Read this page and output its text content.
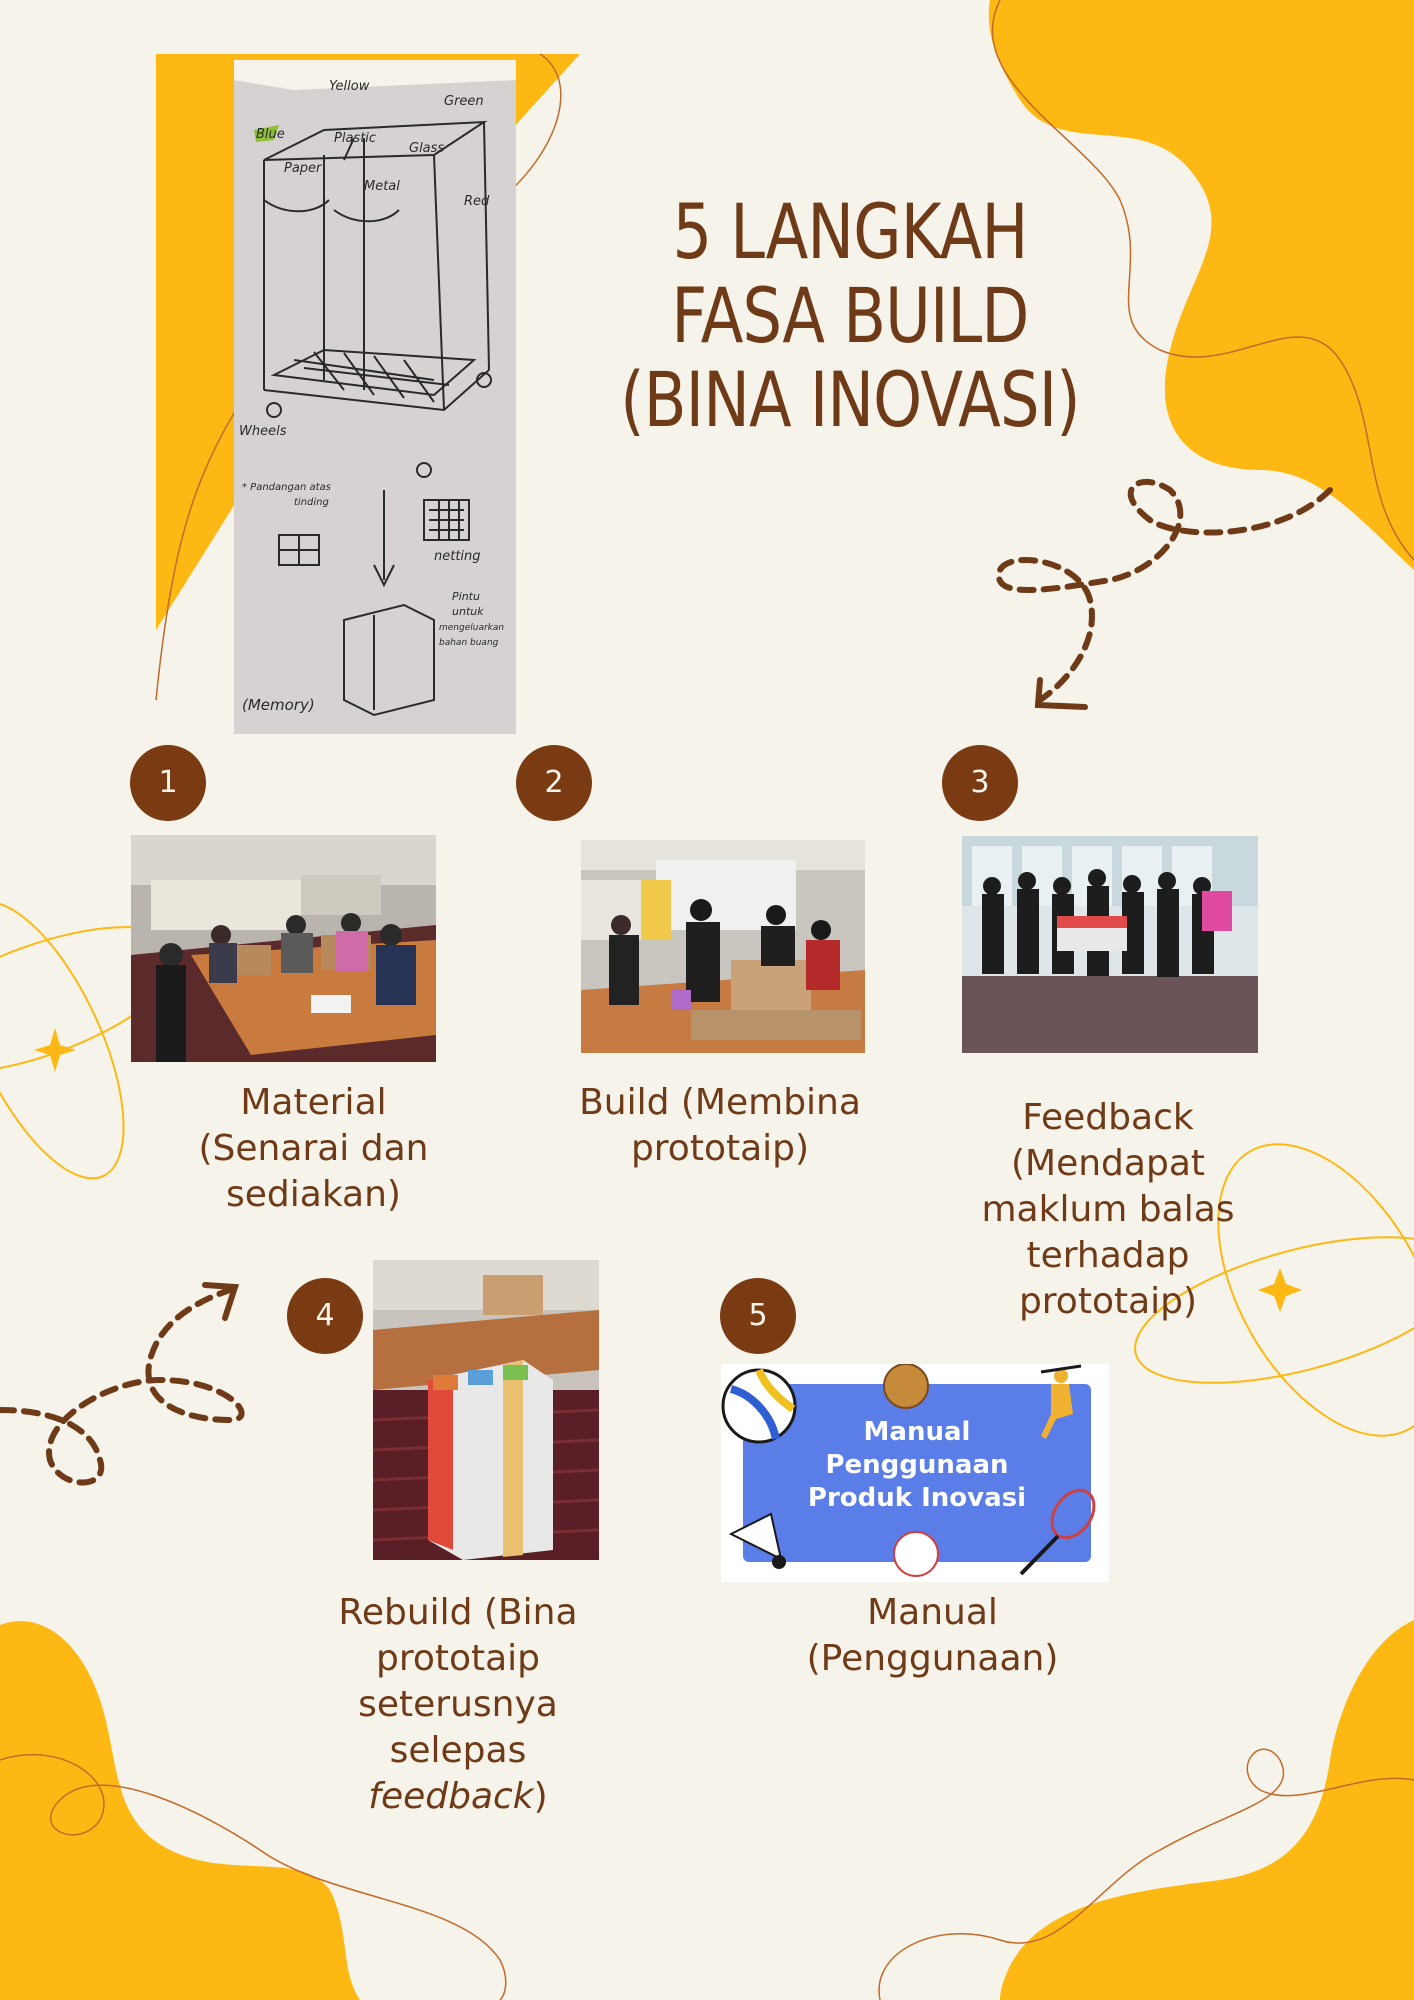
Blue
Yellow
Green
Plastic
Glass
Paper
Metal
Red
Wheels
* Pandangan atas
tinding
netting
Pintu
untuk
mengeluarkan
bahan buang
(Memory)
5 LANGKAH
FASA BUILD
(BINA INOVASI)
1
Material
(Senarai dan
sediakan)
2
Build (Membina
prototaip)
3
Feedback
(Mendapat
maklum balas
terhadap
prototaip)
4
Rebuild (Bina
prototaip
seterusnya
selepas
feedback)
5
Manual
Penggunaan
Produk Inovasi
Manual
(Penggunaan)
